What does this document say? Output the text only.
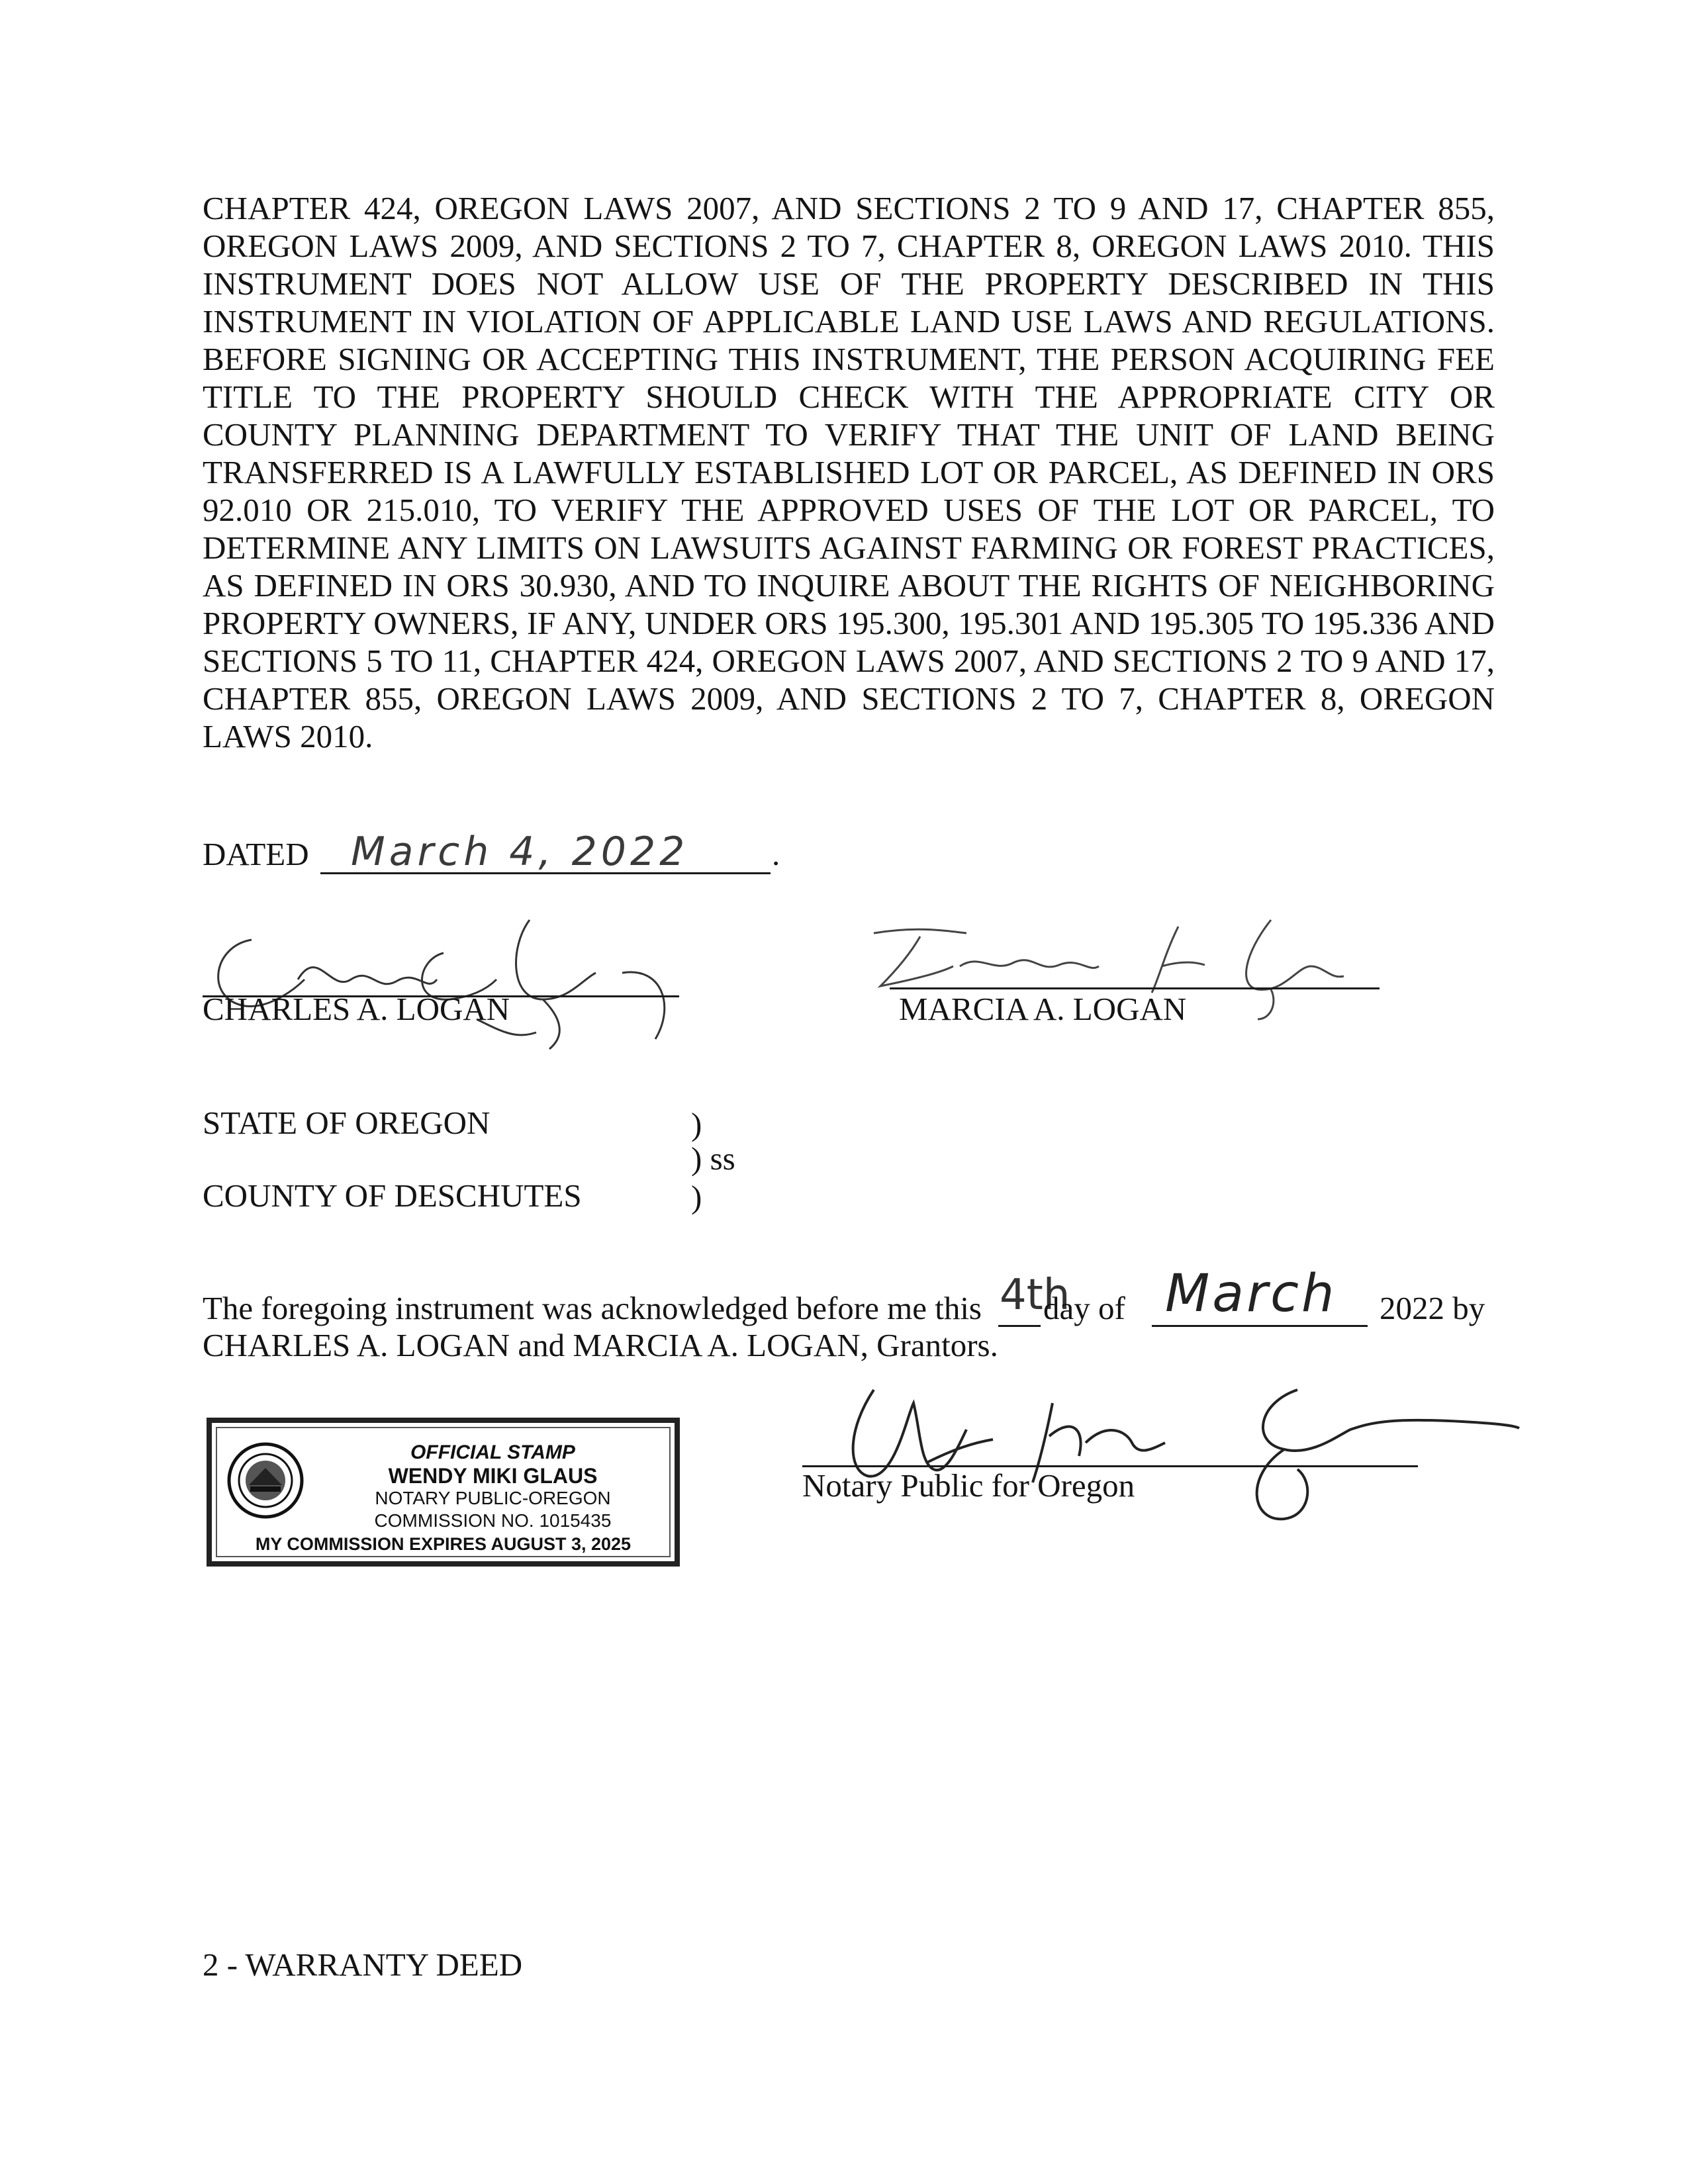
CHAPTER 424, OREGON LAWS 2007, AND SECTIONS 2 TO 9 AND 17, CHAPTER 855, OREGON LAWS 2009, AND SECTIONS 2 TO 7, CHAPTER 8, OREGON LAWS 2010. THIS INSTRUMENT DOES NOT ALLOW USE OF THE PROPERTY DESCRIBED IN THIS INSTRUMENT IN VIOLATION OF APPLICABLE LAND USE LAWS AND REGULATIONS. BEFORE SIGNING OR ACCEPTING THIS INSTRUMENT, THE PERSON ACQUIRING FEE TITLE TO THE PROPERTY SHOULD CHECK WITH THE APPROPRIATE CITY OR COUNTY PLANNING DEPARTMENT TO VERIFY THAT THE UNIT OF LAND BEING TRANSFERRED IS A LAWFULLY ESTABLISHED LOT OR PARCEL, AS DEFINED IN ORS 92.010 OR 215.010, TO VERIFY THE APPROVED USES OF THE LOT OR PARCEL, TO DETERMINE ANY LIMITS ON LAWSUITS AGAINST FARMING OR FOREST PRACTICES, AS DEFINED IN ORS 30.930, AND TO INQUIRE ABOUT THE RIGHTS OF NEIGHBORING PROPERTY OWNERS, IF ANY, UNDER ORS 195.300, 195.301 AND 195.305 TO 195.336 AND SECTIONS 5 TO 11, CHAPTER 424, OREGON LAWS 2007, AND SECTIONS 2 TO 9 AND 17, CHAPTER 855, OREGON LAWS 2009, AND SECTIONS 2 TO 7, CHAPTER 8, OREGON LAWS 2010.
DATED March 4, 2022	.
CHARLES A. LOGAN	MARCIA A. LOGAN
STATE OF OREGON	)
) ss
COUNTY OF DESCHUTES	)
The foregoing instrument was acknowledged before me this 4th
day of March 2022 by
CHARLES A. LOGAN and MARCIA A. LOGAN, Grantors.
OFFICIAL STAMP
WENDY MIKI GLAUS
NOTARY PUBLIC-OREGON
COMMISSION NO. 1015435
MY COMMISSION EXPIRES AUGUST 3, 2025
Notary Public for Oregon
2 - WARRANTY DEED
